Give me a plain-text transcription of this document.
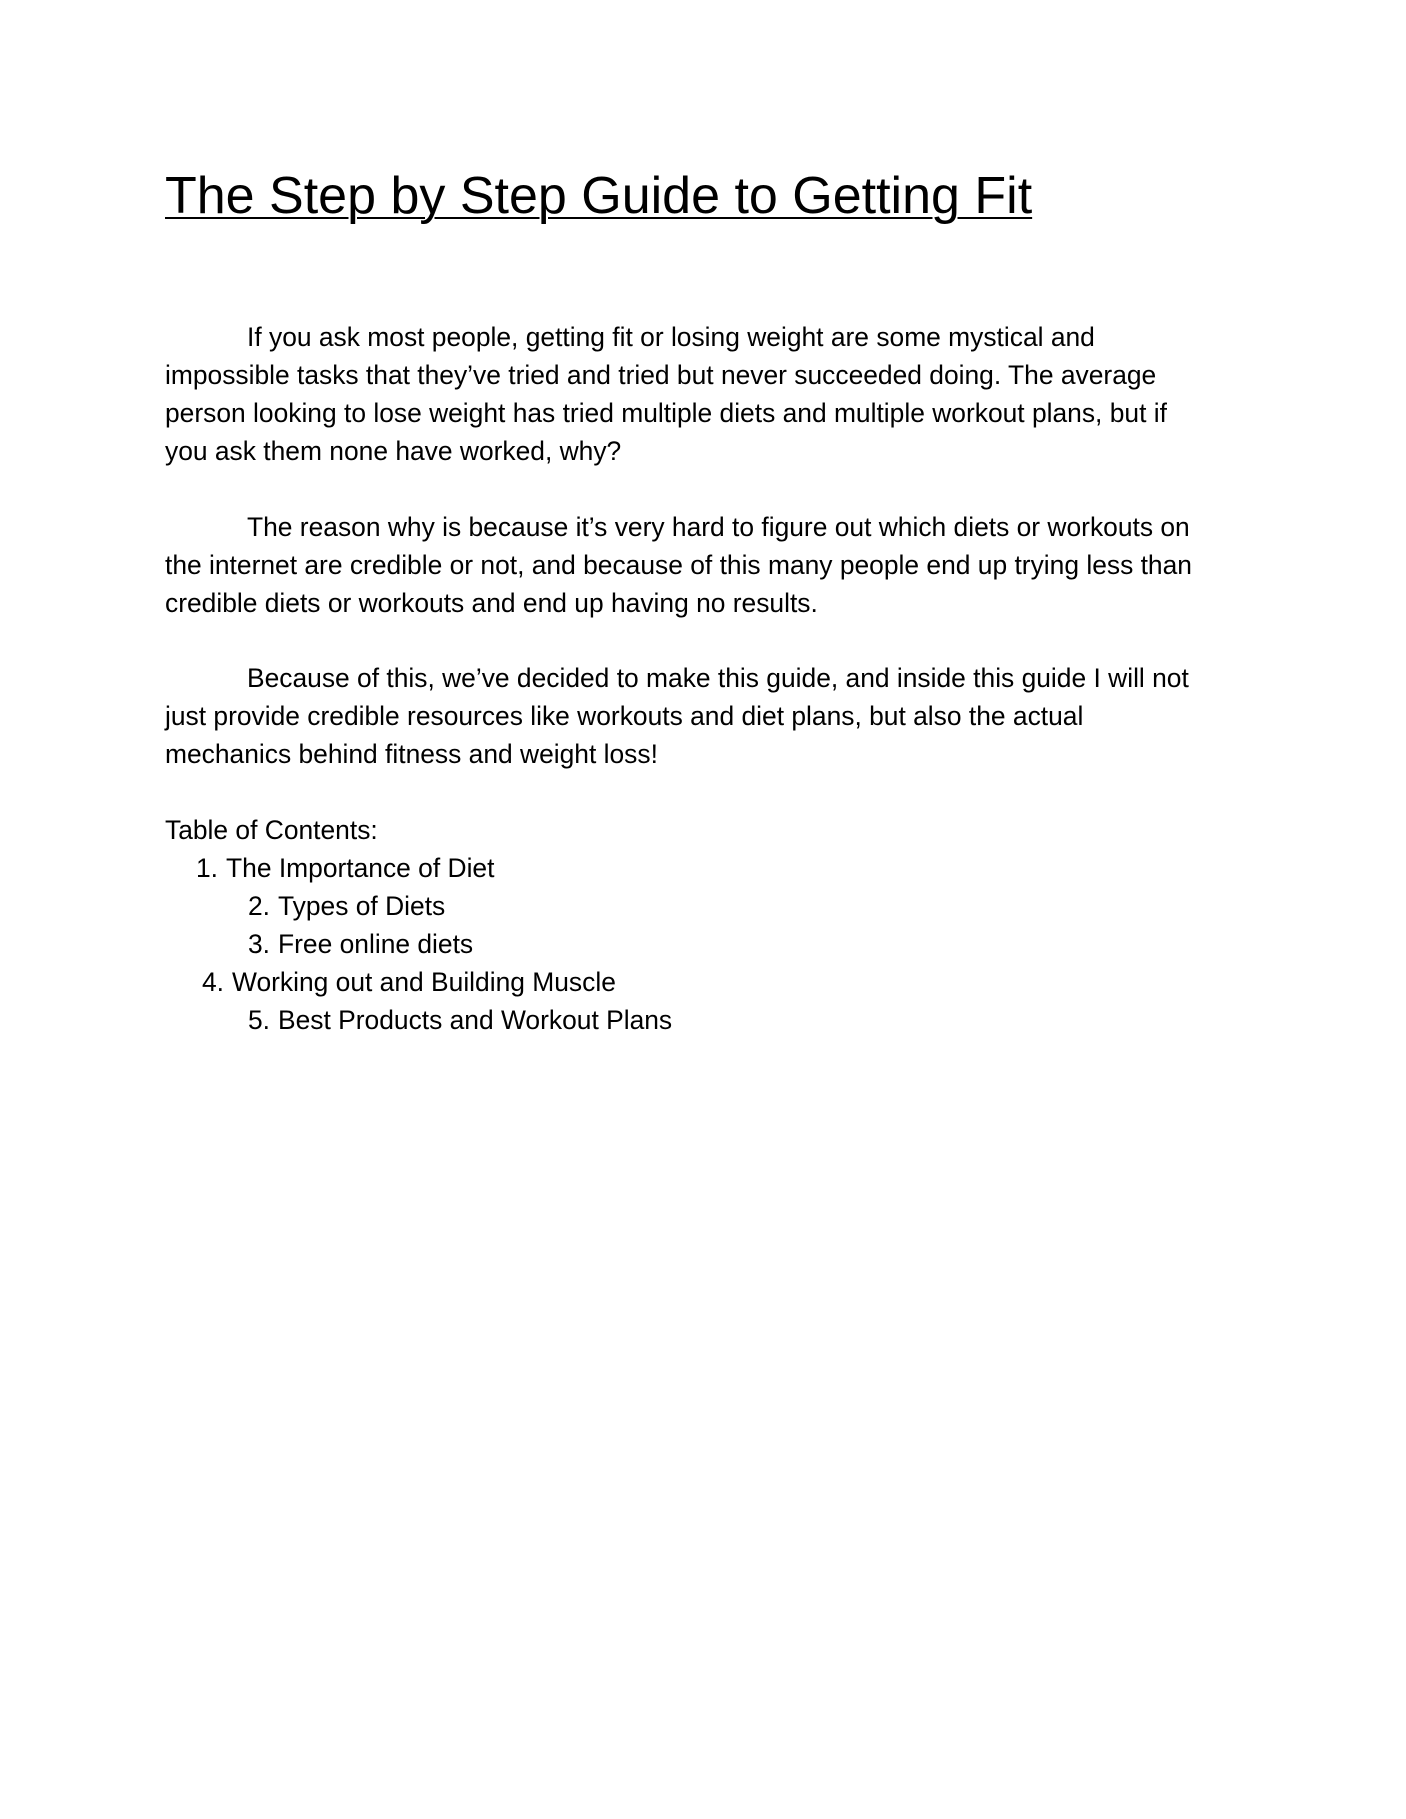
The Step by Step Guide to Getting Fit

If you ask most people, getting fit or losing weight are some mystical and
impossible tasks that they’ve tried and tried but never succeeded doing. The average
person looking to lose weight has tried multiple diets and multiple workout plans, but if
you ask them none have worked, why?

The reason why is because it’s very hard to figure out which diets or workouts on
the internet are credible or not, and because of this many people end up trying less than
credible diets or workouts and end up having no results.

Because of this, we’ve decided to make this guide, and inside this guide I will not
just provide credible resources like workouts and diet plans, but also the actual
mechanics behind fitness and weight loss!

Table of Contents:

1. The Importance of Diet

2. Types of Diets

3. Free online diets

4. Working out and Building Muscle

5. Best Products and Workout Plans
